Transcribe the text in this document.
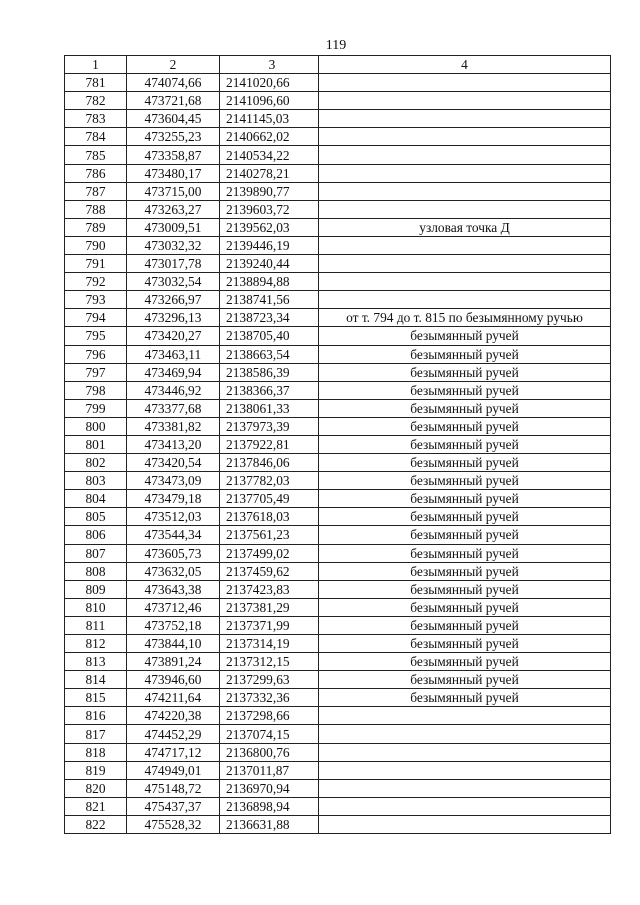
119
1	2	3	4
781	474074,66	2141020,66	
782	473721,68	2141096,60	
783	473604,45	2141145,03	
784	473255,23	2140662,02	
785	473358,87	2140534,22	
786	473480,17	2140278,21	
787	473715,00	2139890,77	
788	473263,27	2139603,72	
789	473009,51	2139562,03	узловая точка Д
790	473032,32	2139446,19	
791	473017,78	2139240,44	
792	473032,54	2138894,88	
793	473266,97	2138741,56	
794	473296,13	2138723,34	от т. 794 до т. 815 по безымянному ручью
795	473420,27	2138705,40	безымянный ручей
796	473463,11	2138663,54	безымянный ручей
797	473469,94	2138586,39	безымянный ручей
798	473446,92	2138366,37	безымянный ручей
799	473377,68	2138061,33	безымянный ручей
800	473381,82	2137973,39	безымянный ручей
801	473413,20	2137922,81	безымянный ручей
802	473420,54	2137846,06	безымянный ручей
803	473473,09	2137782,03	безымянный ручей
804	473479,18	2137705,49	безымянный ручей
805	473512,03	2137618,03	безымянный ручей
806	473544,34	2137561,23	безымянный ручей
807	473605,73	2137499,02	безымянный ручей
808	473632,05	2137459,62	безымянный ручей
809	473643,38	2137423,83	безымянный ручей
810	473712,46	2137381,29	безымянный ручей
811	473752,18	2137371,99	безымянный ручей
812	473844,10	2137314,19	безымянный ручей
813	473891,24	2137312,15	безымянный ручей
814	473946,60	2137299,63	безымянный ручей
815	474211,64	2137332,36	безымянный ручей
816	474220,38	2137298,66	
817	474452,29	2137074,15	
818	474717,12	2136800,76	
819	474949,01	2137011,87	
820	475148,72	2136970,94	
821	475437,37	2136898,94	
822	475528,32	2136631,88	
